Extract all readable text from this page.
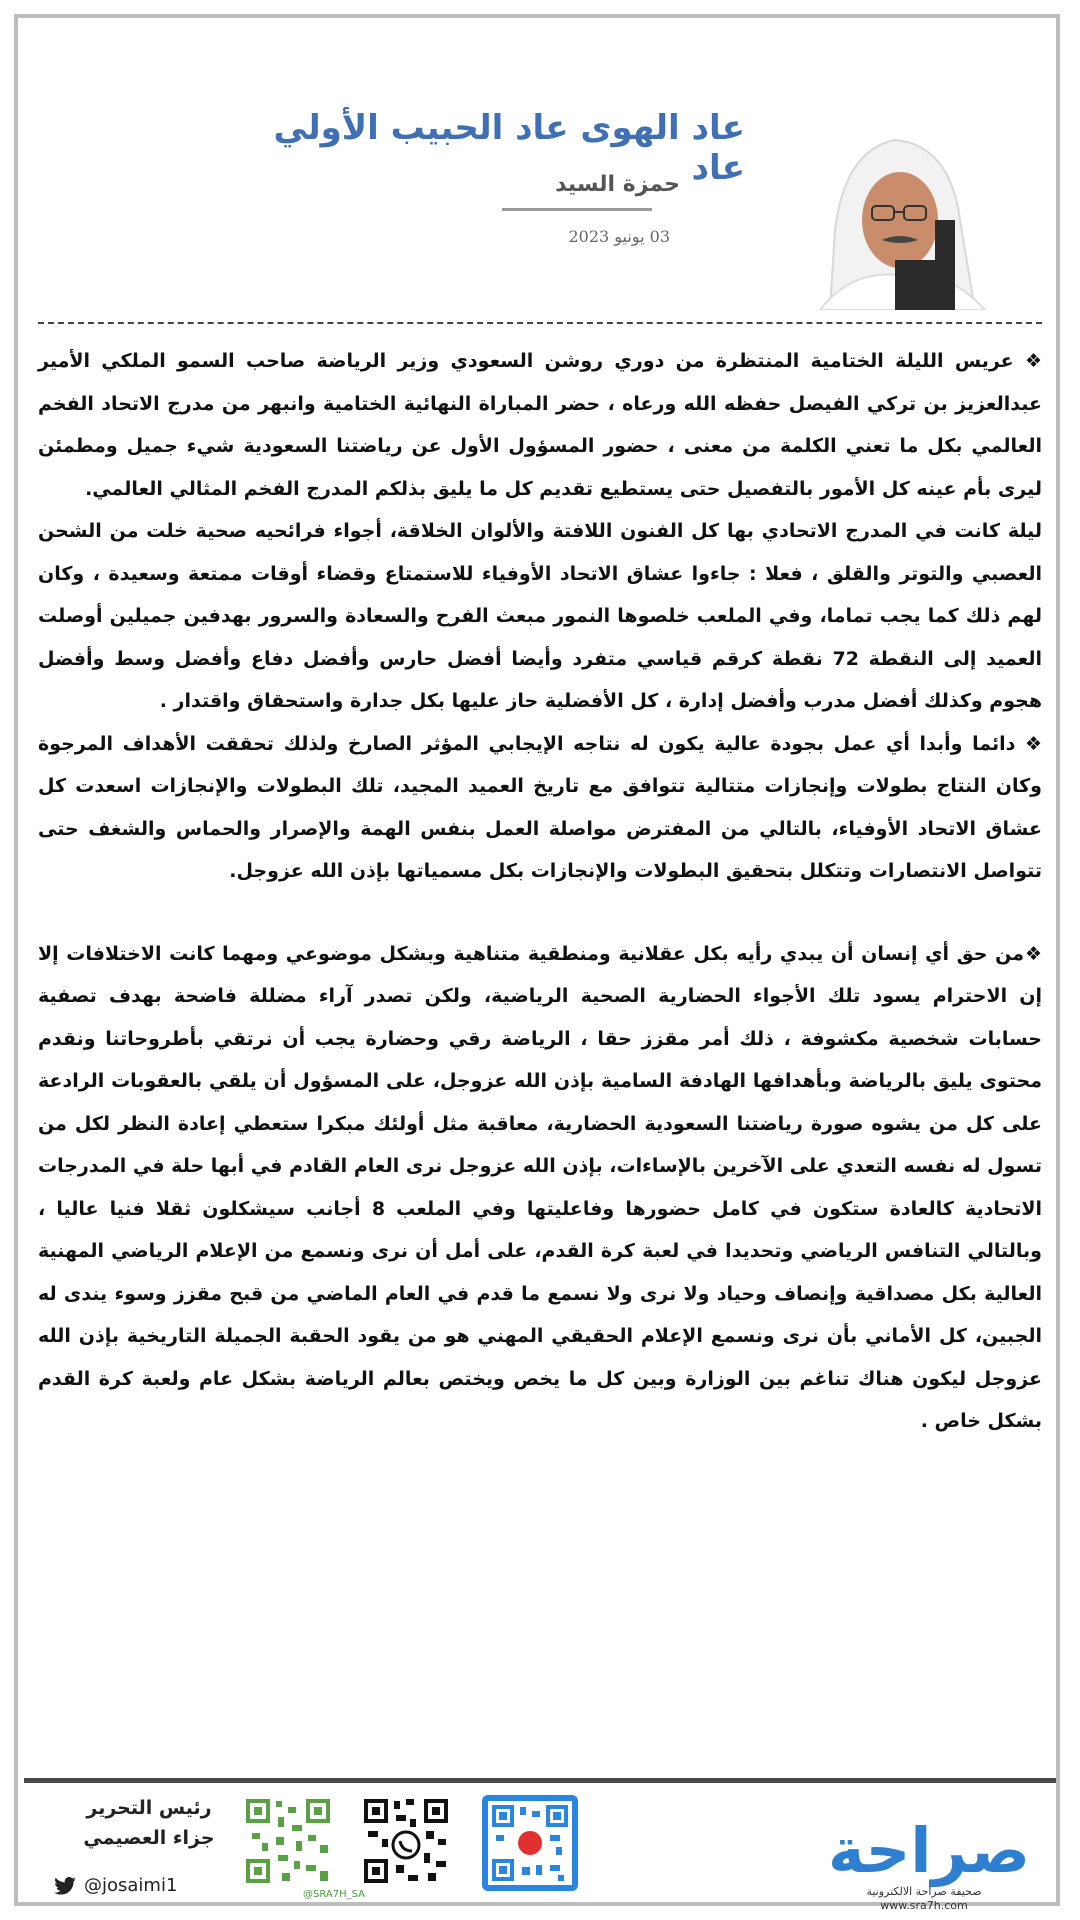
عاد الهوى عاد الحبيب الأولي عاد
حمزة السيد
03 يونيو 2023

❖ عريس الليلة الختامية المنتظرة من دوري روشن السعودي وزير الرياضة صاحب السمو الملكي الأمير عبدالعزيز بن تركي الفيصل حفظه الله ورعاه ، حضر المباراة النهائية الختامية وانبهر من مدرج الاتحاد الفخم العالمي بكل ما تعني الكلمة من معنى ، حضور المسؤول الأول عن رياضتنا السعودية شيء جميل ومطمئن ليرى بأم عينه كل الأمور بالتفصيل حتى يستطيع تقديم كل ما يليق بذلكم المدرج الفخم المثالي العالمي.

ليلة كانت في المدرج الاتحادي بها كل الفنون اللافتة والألوان الخلاقة، أجواء فرائحيه صحية خلت من الشحن العصبي والتوتر والقلق ، فعلا : جاءوا عشاق الاتحاد الأوفياء للاستمتاع وقضاء أوقات ممتعة وسعيدة ، وكان لهم ذلك كما يجب تماما، وفي الملعب خلصوها النمور مبعث الفرح والسعادة والسرور بهدفين جميلين أوصلت العميد إلى النقطة 72 نقطة كرقم قياسي متفرد وأيضا أفضل حارس وأفضل دفاع وأفضل وسط وأفضل هجوم وكذلك أفضل مدرب وأفضل إدارة ، كل الأفضلية حاز عليها بكل جدارة واستحقاق واقتدار .

❖ دائما وأبدا أي عمل بجودة عالية يكون له نتاجه الإيجابي المؤثر الصارخ ولذلك تحققت الأهداف المرجوة وكان النتاج بطولات وإنجازات متتالية تتوافق مع تاريخ العميد المجيد، تلك البطولات والإنجازات اسعدت كل عشاق الاتحاد الأوفياء، بالتالي من المفترض مواصلة العمل بنفس الهمة والإصرار والحماس والشغف حتى تتواصل الانتصارات وتتكلل بتحقيق البطولات والإنجازات بكل مسمياتها بإذن الله عزوجل.

❖من حق أي إنسان أن يبدي رأيه بكل عقلانية ومنطقية متناهية وبشكل موضوعي ومهما كانت الاختلافات إلا إن الاحترام يسود تلك الأجواء الحضارية الصحية الرياضية، ولكن تصدر آراء مضللة فاضحة بهدف تصفية حسابات شخصية مكشوفة ، ذلك أمر مقزز حقا ، الرياضة رقي وحضارة يجب أن نرتقي بأطروحاتنا ونقدم محتوى يليق بالرياضة وبأهدافها الهادفة السامية بإذن الله عزوجل، على المسؤول أن يلقي بالعقوبات الرادعة على كل من يشوه صورة رياضتنا السعودية الحضارية، معاقبة مثل أولئك مبكرا ستعطي إعادة النظر لكل من تسول له نفسه التعدي على الآخرين بالإساءات، بإذن الله عزوجل نرى العام القادم في أبها حلة في المدرجات الاتحادية كالعادة ستكون في كامل حضورها وفاعليتها وفي الملعب 8 أجانب سيشكلون ثقلا فنيا عاليا ، وبالتالي التنافس الرياضي وتحديدا في لعبة كرة القدم، على أمل أن نرى ونسمع من الإعلام الرياضي المهنية العالية بكل مصداقية وإنصاف وحياد ولا نرى ولا نسمع ما قدم في العام الماضي من قبح مقزز وسوء يندى له الجبين، كل الأماني بأن نرى ونسمع الإعلام الحقيقي المهني هو من يقود الحقبة الجميلة التاريخية بإذن الله عزوجل ليكون هناك تناغم بين الوزارة وبين كل ما يخص ويختص بعالم الرياضة بشكل عام ولعبة كرة القدم بشكل خاص .

رئيس التحرير
جزاء العصيمي
@josaimi1	@SRA7H_SA
صراحة
صحيفة صراحة الالكترونية
www.sra7h.com
